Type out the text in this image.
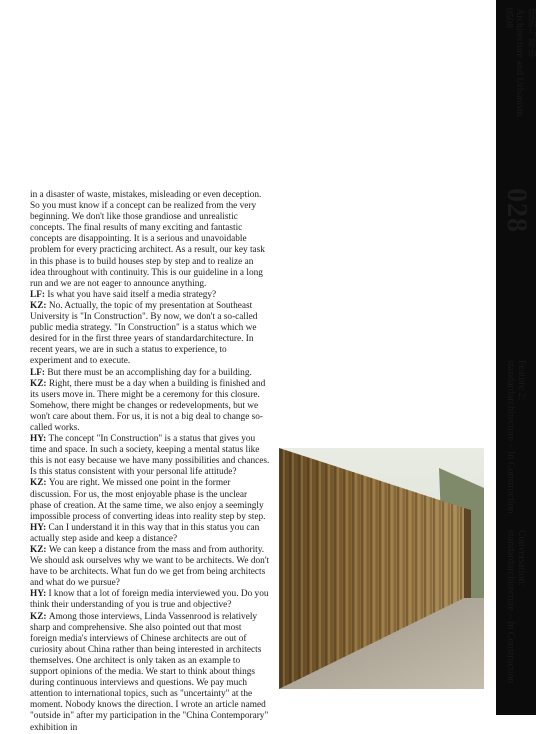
建筑与都市
Architecture and Urbanism
0508
028
Feature 2:
standardarchitecture – In Construction
Conversation:
standardarchitecture – In Construction

in a disaster of waste, mistakes, misleading or even deception. So you must know if a concept can be realized from the very beginning. We don't like those grandiose and unrealistic concepts. The final results of many exciting and fantastic concepts are disappointing. It is a serious and unavoidable problem for every practicing architect. As a result, our key task in this phase is to build houses step by step and to realize an idea throughout with continuity. This is our guideline in a long run and we are not eager to announce anything.

LF: Is what you have said itself a media strategy?

KZ: No. Actually, the topic of my presentation at Southeast University is "In Construction". By now, we don't a so-called public media strategy. "In Construction" is a status which we desired for in the first three years of standardarchitecture. In recent years, we are in such a status to experience, to experiment and to execute.

LF: But there must be an accomplishing day for a building.

KZ: Right, there must be a day when a building is finished and its users move in. There might be a ceremony for this closure. Somehow, there might be changes or redevelopments, but we won't care about them. For us, it is not a big deal to change so-called works.

HY: The concept "In Construction" is a status that gives you time and space. In such a society, keeping a mental status like this is not easy because we have many possibilities and chances. Is this status consistent with your personal life attitude?

KZ: You are right. We missed one point in the former discussion. For us, the most enjoyable phase is the unclear phase of creation. At the same time, we also enjoy a seemingly impossible process of converting ideas into reality step by step.

HY: Can I understand it in this way that in this status you can actually step aside and keep a distance?

KZ: We can keep a distance from the mass and from authority. We should ask ourselves why we want to be architects. We don't have to be architects. What fun do we get from being architects and what do we pursue?

HY: I know that a lot of foreign media interviewed you. Do you think their understanding of you is true and objective?

KZ: Among those interviews, Linda Vassenrood is relatively sharp and comprehensive. She also pointed out that most foreign media's interviews of Chinese architects are out of curiosity about China rather than being interested in architects themselves. One architect is only taken as an example to support opinions of the media. We start to think about things during continuous interviews and questions. We pay much attention to international topics, such as "uncertainty" at the moment. Nobody knows the direction. I wrote an article named "outside in" after my participation in the "China Contemporary" exhibition in
